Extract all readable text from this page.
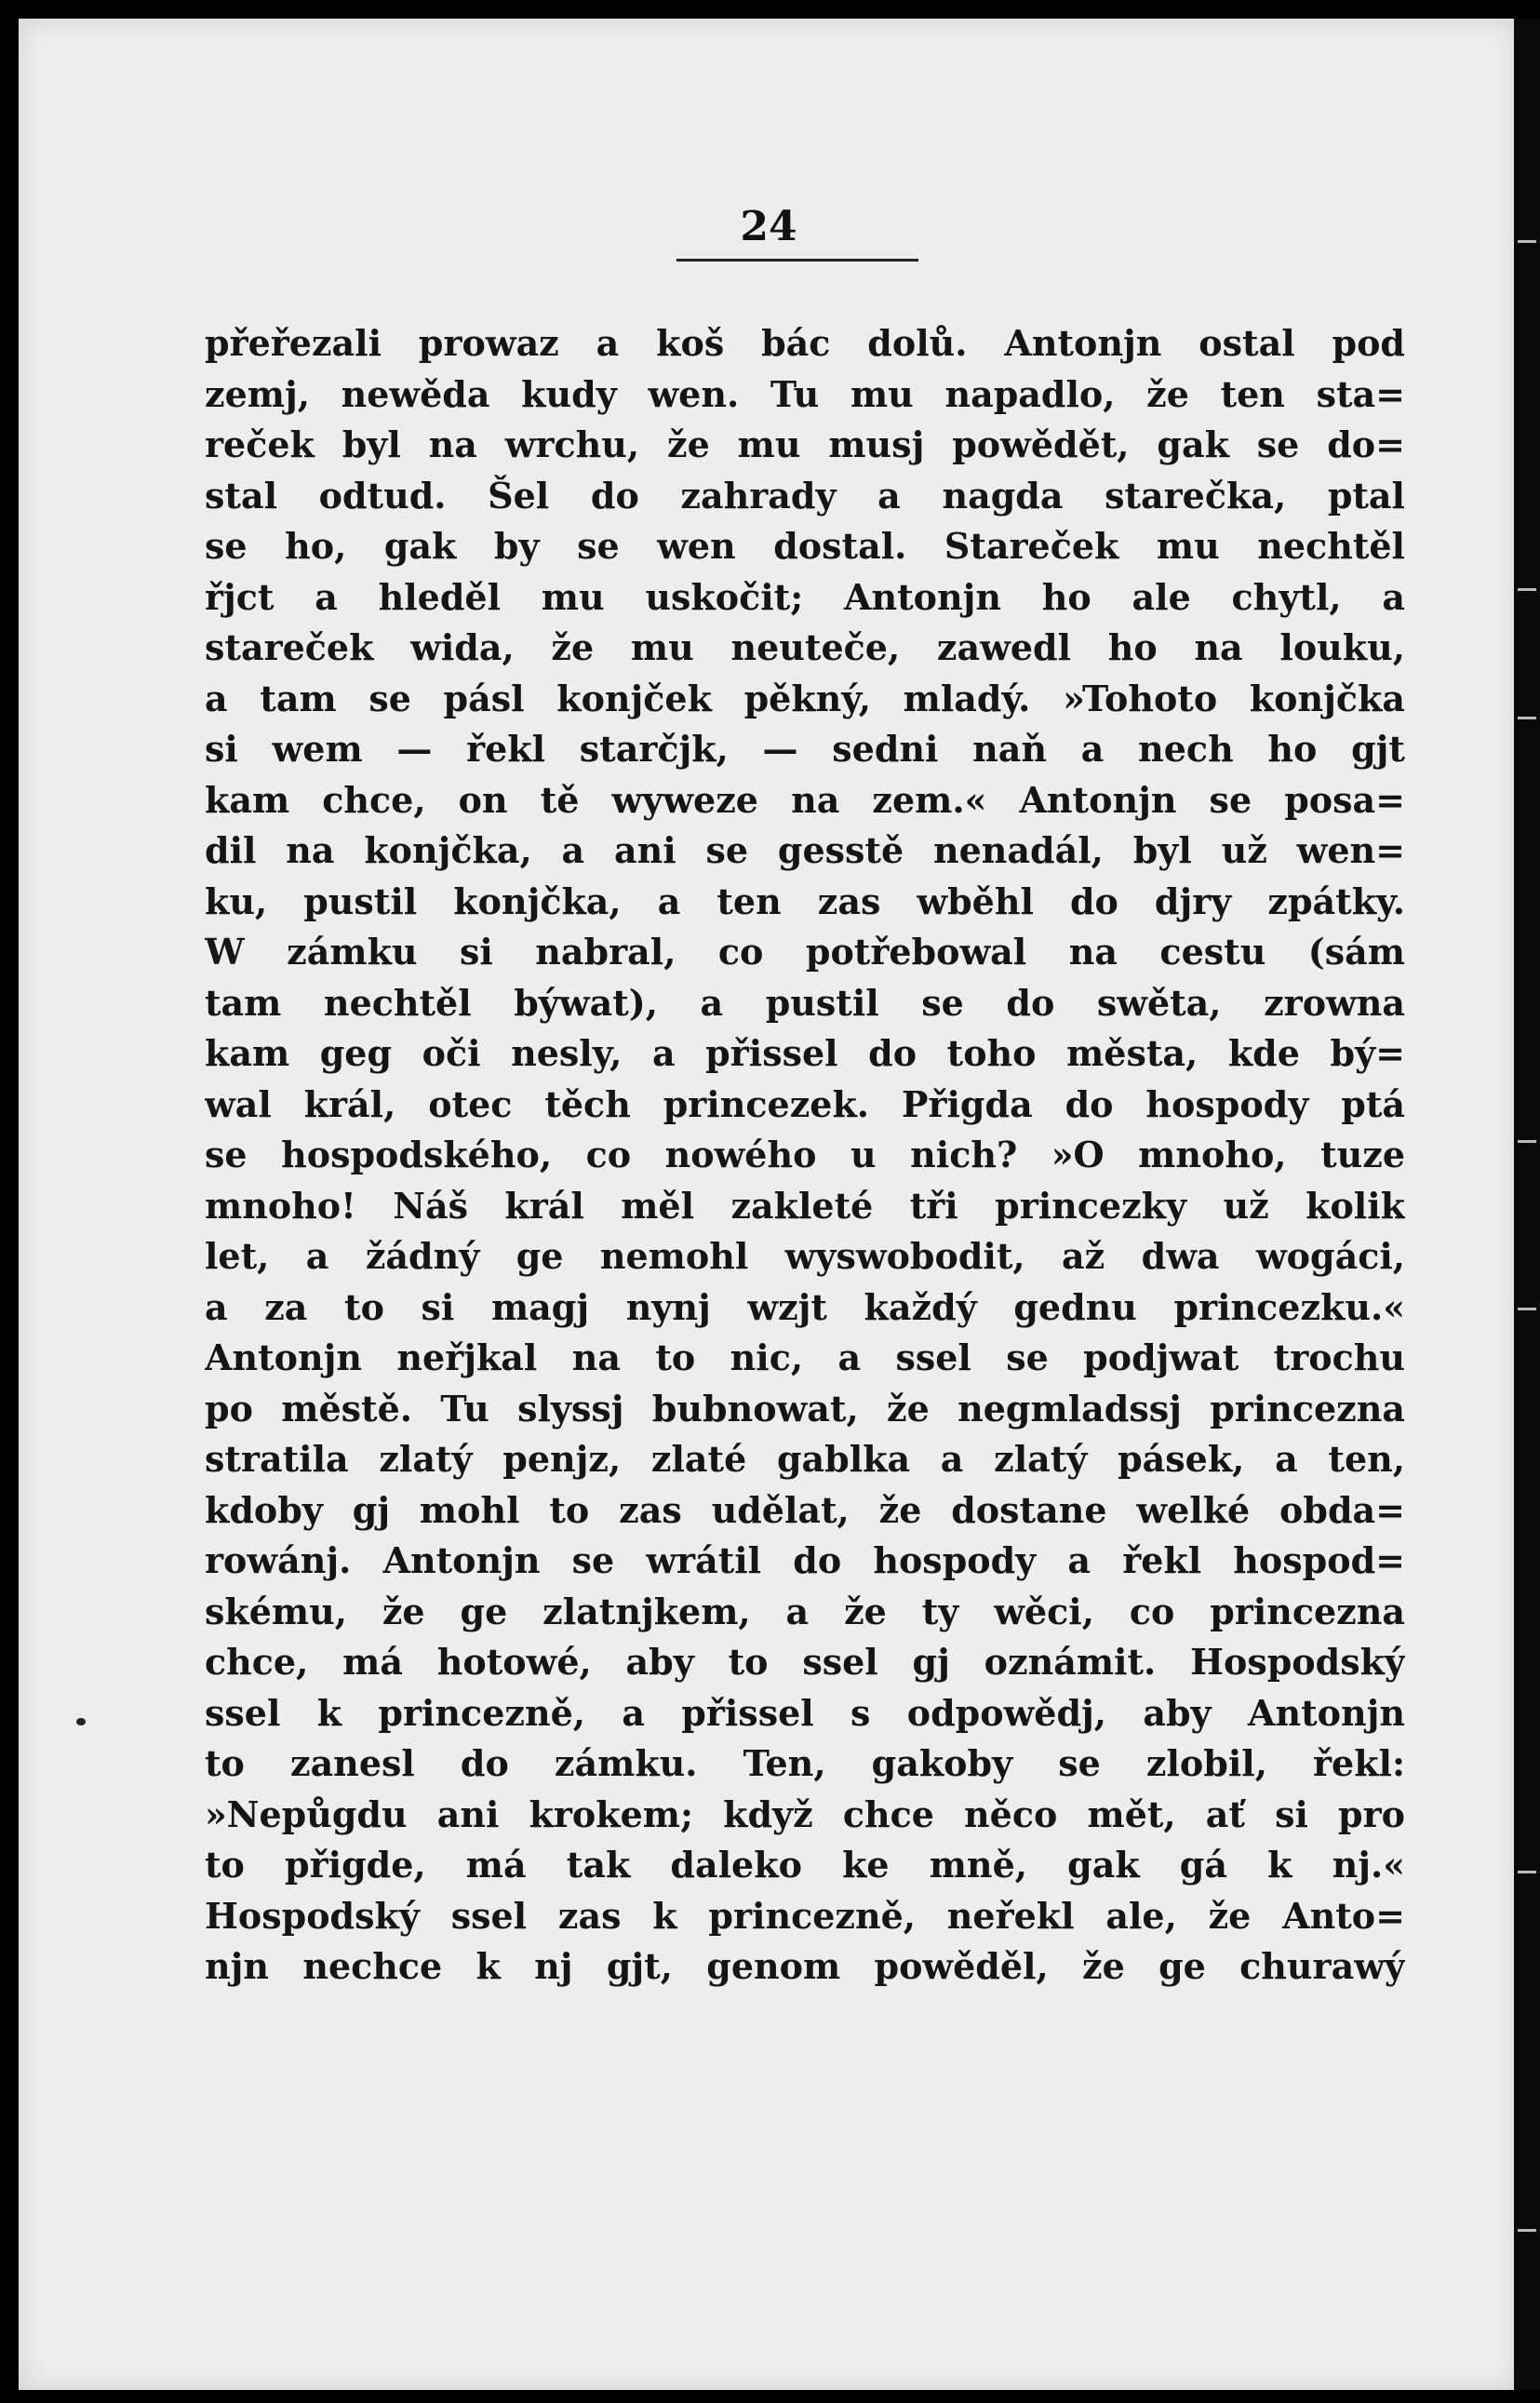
24
přeřezali prowaz a koš bác dolů. Antonjn ostal pod
zemj, newěda kudy wen. Tu mu napadlo, že ten sta=
reček byl na wrchu, že mu musj powědět, gak se do=
stal odtud. Šel do zahrady a nagda starečka, ptal
se ho, gak by se wen dostal. Stareček mu nechtěl
řjct a hleděl mu uskočit; Antonjn ho ale chytl, a
stareček wida, že mu neuteče, zawedl ho na louku,
a tam se pásl konjček pěkný, mladý. »Tohoto konjčka
si wem — řekl starčjk, — sedni naň a nech ho gjt
kam chce, on tě wyweze na zem.« Antonjn se posa=
dil na konjčka, a ani se gesstě nenadál, byl už wen=
ku, pustil konjčka, a ten zas wběhl do djry zpátky.
W zámku si nabral, co potřebowal na cestu (sám
tam nechtěl býwat), a pustil se do swěta, zrowna
kam geg oči nesly, a přissel do toho města, kde bý=
wal král, otec těch princezek. Přigda do hospody ptá
se hospodského, co nowého u nich? »O mnoho, tuze
mnoho! Náš král měl zakleté tři princezky už kolik
let, a žádný ge nemohl wyswobodit, až dwa wogáci,
a za to si magj nynj wzjt každý gednu princezku.«
Antonjn neřjkal na to nic, a ssel se podjwat trochu
po městě. Tu slyssj bubnowat, že negmladssj princezna
stratila zlatý penjz, zlaté gablka a zlatý pásek, a ten,
kdoby gj mohl to zas udělat, že dostane welké obda=
rowánj. Antonjn se wrátil do hospody a řekl hospod=
skému, že ge zlatnjkem, a že ty wěci, co princezna
chce, má hotowé, aby to ssel gj oznámit. Hospodský
ssel k princezně, a přissel s odpowědj, aby Antonjn
to zanesl do zámku. Ten, gakoby se zlobil, řekl:
»Nepůgdu ani krokem; když chce něco mět, ať si pro
to přigde, má tak daleko ke mně, gak gá k nj.«
Hospodský ssel zas k princezně, neřekl ale, že Anto=
njn nechce k nj gjt, genom powěděl, že ge churawý
